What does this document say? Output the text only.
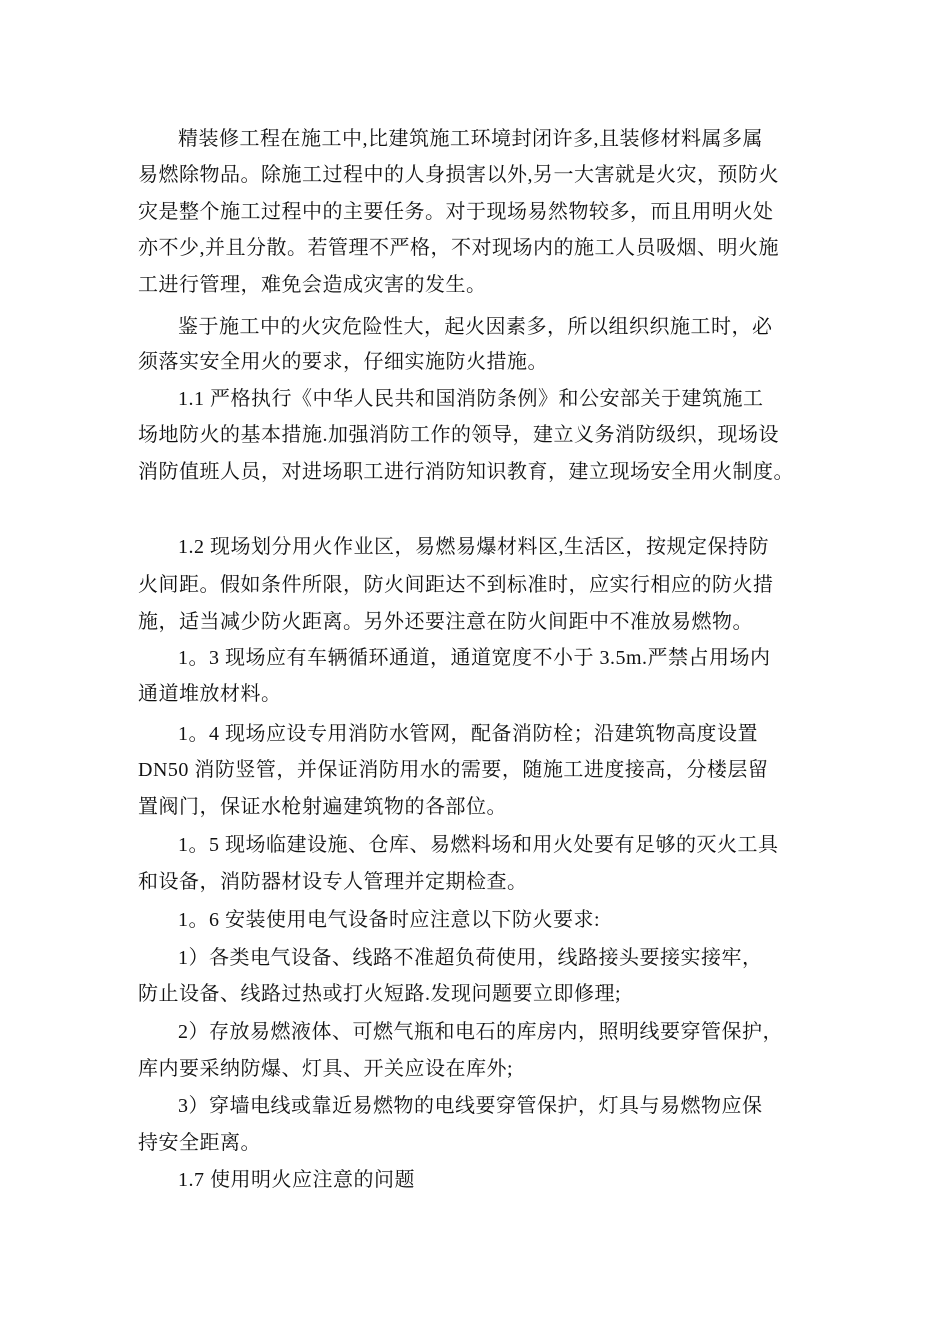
精装修工程在施工中,比建筑施工环境封闭许多,且装修材料属多属
易燃除物品。除施工过程中的人身损害以外,另一大害就是火灾，预防火
灾是整个施工过程中的主要任务。对于现场易然物较多，而且用明火处
亦不少,并且分散。若管理不严格，不对现场内的施工人员吸烟、明火施
工进行管理，难免会造成灾害的发生。
鉴于施工中的火灾危险性大，起火因素多，所以组织织施工时，必
须落实安全用火的要求，仔细实施防火措施。
1.1 严格执行《中华人民共和国消防条例》和公安部关于建筑施工
场地防火的基本措施.加强消防工作的领导，建立义务消防级织，现场设
消防值班人员，对进场职工进行消防知识教育，建立现场安全用火制度。
1.2 现场划分用火作业区，易燃易爆材料区,生活区，按规定保持防
火间距。假如条件所限，防火间距达不到标准时，应实行相应的防火措
施，适当减少防火距离。另外还要注意在防火间距中不准放易燃物。
1。3 现场应有车辆循环通道，通道宽度不小于 3.5m.严禁占用场内
通道堆放材料。
1。4 现场应设专用消防水管网，配备消防栓；沿建筑物高度设置
DN50 消防竖管，并保证消防用水的需要，随施工进度接高，分楼层留
置阀门，保证水枪射遍建筑物的各部位。
1。5 现场临建设施、仓库、易燃料场和用火处要有足够的灭火工具
和设备，消防器材设专人管理并定期检查。
1。6 安装使用电气设备时应注意以下防火要求:
1）各类电气设备、线路不准超负荷使用，线路接头要接实接牢，
防止设备、线路过热或打火短路.发现问题要立即修理;
2）存放易燃液体、可燃气瓶和电石的库房内，照明线要穿管保护，
库内要采纳防爆、灯具、开关应设在库外;
3）穿墙电线或靠近易燃物的电线要穿管保护，灯具与易燃物应保
持安全距离。
1.7 使用明火应注意的问题
